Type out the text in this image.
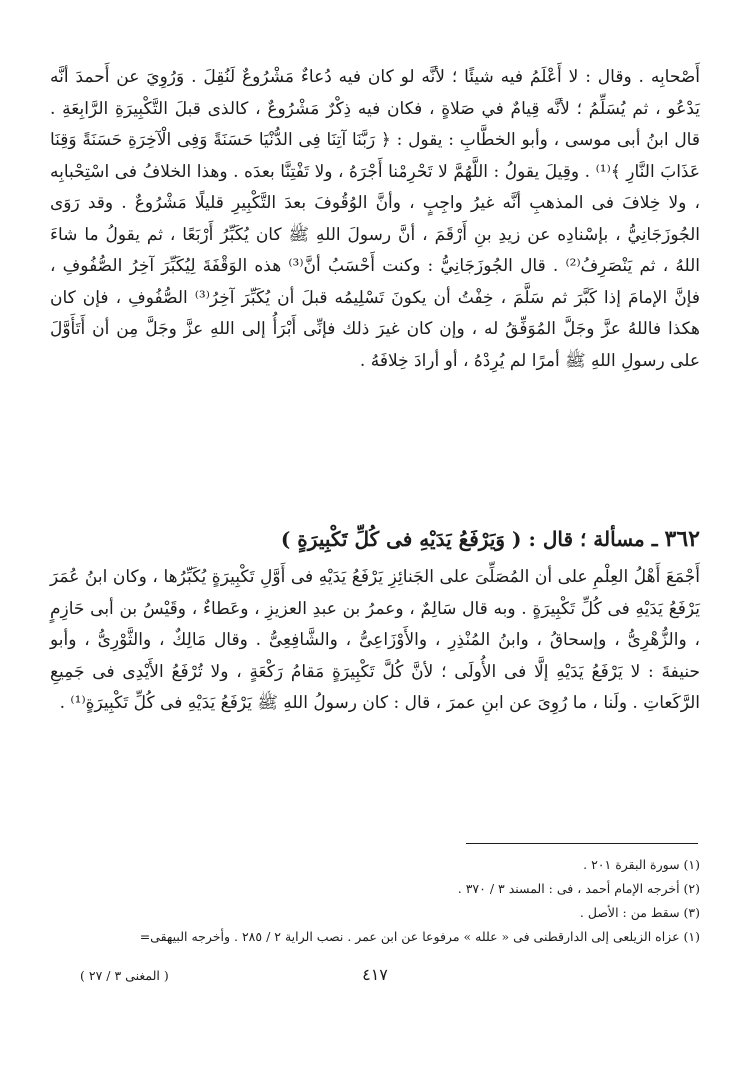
أَصْحابِه . وقال : لا أَعْلَمُ فيه شيئًا ؛ لأنَّه لو كان فيه دُعاءٌ مَشْرُوعٌ لَنُقِلَ . وَرُوِيَ عن أَحمدَ أنَّه يَدْعُو ، ثم يُسَلِّمُ ؛ لأنَّه قِيامٌ في صَلاةٍ ، فكان فيه ذِكْرٌ مَشْرُوعٌ ، كالذى قبلَ التَّكْبِيرَةِ الرَّابِعَةِ . قال ابنُ أبى موسى ، وأبو الخطَّابِ : يقول : ﴿ رَبَّنَا آتِنَا فِى الدُّنْيَا حَسَنَةً وَفِى الْآخِرَةِ حَسَنَةً وَقِنَا عَذَابَ النَّارِ ﴾⁽¹⁾ . وقِيلَ يقولُ : اللَّهُمَّ لا تَحْرِمْنا أَجْرَهُ ، ولا تَفْتِنَّا بعدَه . وهذا الخلافُ فى اسْتِحْبابِه ، ولا خِلافَ فى المذهبِ أنَّه غيرُ واجِبٍ ، وأنَّ الوُقُوفَ بعدَ التَّكْبِيرِ قليلًا مَشْرُوعٌ . وقد رَوَى الجُوزَجَانِيُّ ، بإسْنادِه عن زيدِ بنِ أَرْقَمَ ، أنَّ رسولَ اللهِ ﷺ كان يُكَبِّرُ أَرْبَعًا ، ثم يقولُ ما شاءَ اللهُ ، ثم يَنْصَرِفُ⁽²⁾ . قال الجُوزَجَانِيُّ : وكنت أَحْسَبُ أنَّ⁽³⁾ هذه الوَقْفَةَ لِيُكَبِّرَ آخِرُ الصُّفُوفِ ، فإنَّ الإمامَ إذا كَبَّرَ ثم سَلَّمَ ، خِفْتُ أن يكونَ تَسْلِيمُه قبلَ أن يُكَبِّرَ آخِرُ⁽³⁾ الصُّفُوفِ ، فإن كان هكذا فاللهُ عزَّ وجَلَّ المُوَفِّقُ له ، وإن كان غيرَ ذلك فإنِّى أَبْرَأُ إلى اللهِ عزَّ وجَلَّ مِن أن أَتَأَوَّلَ على رسولِ اللهِ ﷺ أمرًا لم يُرِدْهُ ، أو أرادَ خِلافَهُ .

٣٦٢ ـ مسألة ؛ قال : ( وَيَرْفَعُ يَدَيْهِ فى كُلِّ تَكْبِيرَةٍ )

أَجْمَعَ أَهْلُ العِلْمِ على أن المُصَلِّىَ على الجَنائِزِ يَرْفَعُ يَدَيْهِ فى أَوَّلِ تَكْبِيرَةٍ يُكَبِّرُها ، وكان ابنُ عُمَرَ يَرْفَعُ يَدَيْهِ فى كُلِّ تَكْبِيرَةٍ . وبه قال سَالِمٌ ، وعمرُ بن عبدِ العزيزِ ، وعَطاءٌ ، وقَيْسُ بن أبى حَازِمٍ ، والزُّهْرِىُّ ، وإسحاقُ ، وابنُ المُنْذِرِ ، والأَوْزَاعِىُّ ، والشَّافِعِىُّ . وقال مَالِكٌ ، والثَّوْرِىُّ ، وأبو حنيفةَ : لا يَرْفَعُ يَدَيْهِ إلَّا فى الأُولَى ؛ لأنَّ كُلَّ تَكْبِيرَةٍ مَقامُ رَكْعَةٍ ، ولا تُرْفَعُ الأَيْدِى فى جَمِيعِ الرَّكَعاتِ . ولَنا ، ما رُوِىَ عن ابنِ عمرَ ، قال : كان رسولُ اللهِ ﷺ يَرْفَعُ يَدَيْهِ فى كُلِّ تَكْبِيرَةٍ⁽¹⁾ .

(١) سورة البقرة ٢٠١ .
(٢) أخرجه الإمام أحمد ، فى : المسند ٣ / ٣٧٠ .
(٣) سقط من : الأصل .
(١) عزاه الزيلعى إلى الدارقطنى فى « علله » مرفوعا عن ابن عمر . نصب الراية ٢ / ٢٨٥ . وأخرجه البيهقى=
٤١٧
( المغنى ٣ / ٢٧ )
